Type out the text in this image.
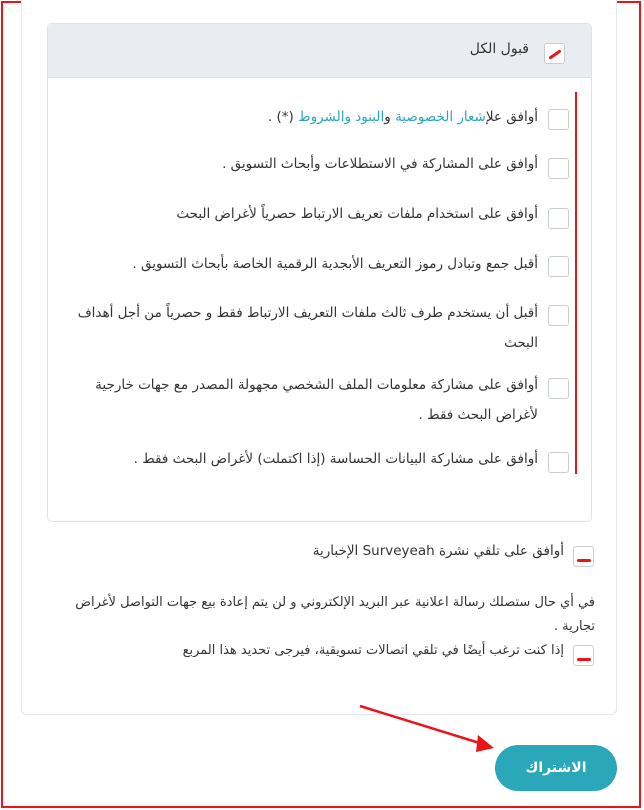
قبول الكل
أوافق علإشعار الخصوصية والبنود والشروط (*) .
أوافق على المشاركة في الاستطلاعات وأبحاث التسويق .
أوافق على استخدام ملفات تعريف الارتباط حصرياً لأغراض البحث
أقبل جمع وتبادل رموز التعريف الأبجدية الرقمية الخاصة بأبحاث التسويق .
أقبل أن يستخدم طرف ثالث ملفات التعريف الارتباط فقط و حصرياً من أجل أهداف البحث
أوافق على مشاركة معلومات الملف الشخصي مجهولة المصدر مع جهات خارجية لأغراض البحث فقط .
أوافق على مشاركة البيانات الحساسة (إذا اكتملت) لأغراض البحث فقط .
أوافق على تلقي نشرة Surveyeah الإخبارية
في أي حال ستصلك رسالة اعلانية عبر البريد الإلكتروني و لن يتم إعادة بيع جهات التواصل لأغراض تجارية .
إذا كنت ترغب أيضًا في تلقي اتصالات تسويقية، فيرجى تحديد هذا المربع
الاشتراك
